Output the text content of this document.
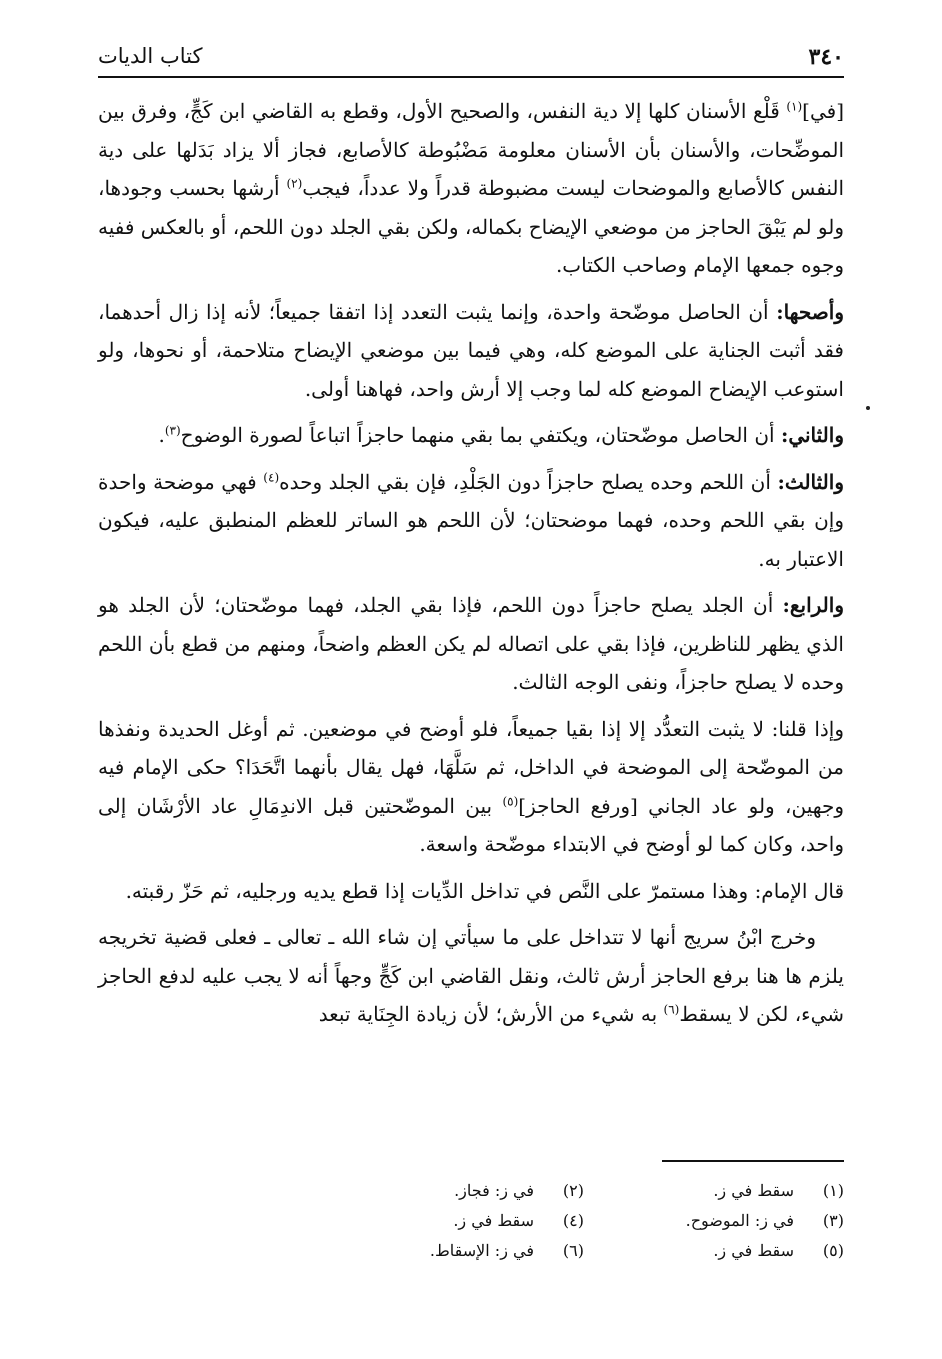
٣٤٠
كتاب الديات

[في]$^{(١)}$ قَلْع الأسنان كلها إلا دية النفس، والصحيح الأول، وقطع به القاضي ابن كَجٍّ، وفرق بين الموضِّحات، والأسنان بأن الأسنان معلومة مَضْبُوطة كالأصابع، فجاز ألا يزاد بَدَلها على دية النفس كالأصابع والموضحات ليست مضبوطة قدراً ولا عدداً، فيجب$^{(٢)}$ أرشها بحسب وجودها، ولو لم يَبْقَ الحاجز من موضعي الإيضاح بكماله، ولكن بقي الجلد دون اللحم، أو بالعكس ففيه وجوه جمعها الإمام وصاحب الكتاب.

وأصحها: أن الحاصل موضّحة واحدة، وإنما يثبت التعدد إذا اتفقا جميعاً؛ لأنه إذا زال أحدهما، فقد أثبت الجناية على الموضع كله، وهي فيما بين موضعي الإيضاح متلاحمة، أو نحوها، ولو استوعب الإيضاح الموضع كله لما وجب إلا أرش واحد، فهاهنا أولى.

والثاني: أن الحاصل موضّحتان، ويكتفي بما بقي منهما حاجزاً اتباعاً لصورة الوضوح$^{(٣)}$.

والثالث: أن اللحم وحده يصلح حاجزاً دون الجَلْدِ، فإن بقي الجلد وحده$^{(٤)}$ فهي موضحة واحدة وإن بقي اللحم وحده، فهما موضحتان؛ لأن اللحم هو الساتر للعظم المنطبق عليه، فيكون الاعتبار به.

والرابع: أن الجلد يصلح حاجزاً دون اللحم، فإذا بقي الجلد، فهما موضّحتان؛ لأن الجلد هو الذي يظهر للناظرين، فإذا بقي على اتصاله لم يكن العظم واضحاً، ومنهم من قطع بأن اللحم وحده لا يصلح حاجزاً، ونفى الوجه الثالث.

وإذا قلنا: لا يثبت التعدُّد إلا إذا بقيا جميعاً، فلو أوضح في موضعين. ثم أوغل الحديدة ونفذها من الموضّحة إلى الموضحة في الداخل، ثم سَلَّهَا، فهل يقال بأنهما اتَّحَدَا؟ حكى الإمام فيه وجهين، ولو عاد الجاني [ورفع الحاجز]$^{(٥)}$ بين الموضّحتين قبل الاندِمَالِ عاد الأرْشَان إلى واحد، وكان كما لو أوضح في الابتداء موضّحة واسعة.

قال الإمام: وهذا مستمرّ على النَّص في تداخل الدِّيات إذا قطع يديه ورجليه، ثم حَزّ رقبته.

وخرج ابْنُ سريج أنها لا تتداخل على ما سيأتي إن شاء الله ـ تعالى ـ فعلى قضية تخريجه يلزم ها هنا برفع الحاجز أرش ثالث، ونقل القاضي ابن كَجٍّ وجهاً أنه لا يجب عليه لدفع الحاجز شيء، لكن لا يسقط$^{(٦)}$ به شيء من الأرش؛ لأن زيادة الجِنَاية تبعد

(١)
سقط في ز.
(٢)
في ز: فجاز.
(٣)
في ز: الموضوح.
(٤)
سقط في ز.
(٥)
سقط في ز.
(٦)
في ز: الإسقاط.
